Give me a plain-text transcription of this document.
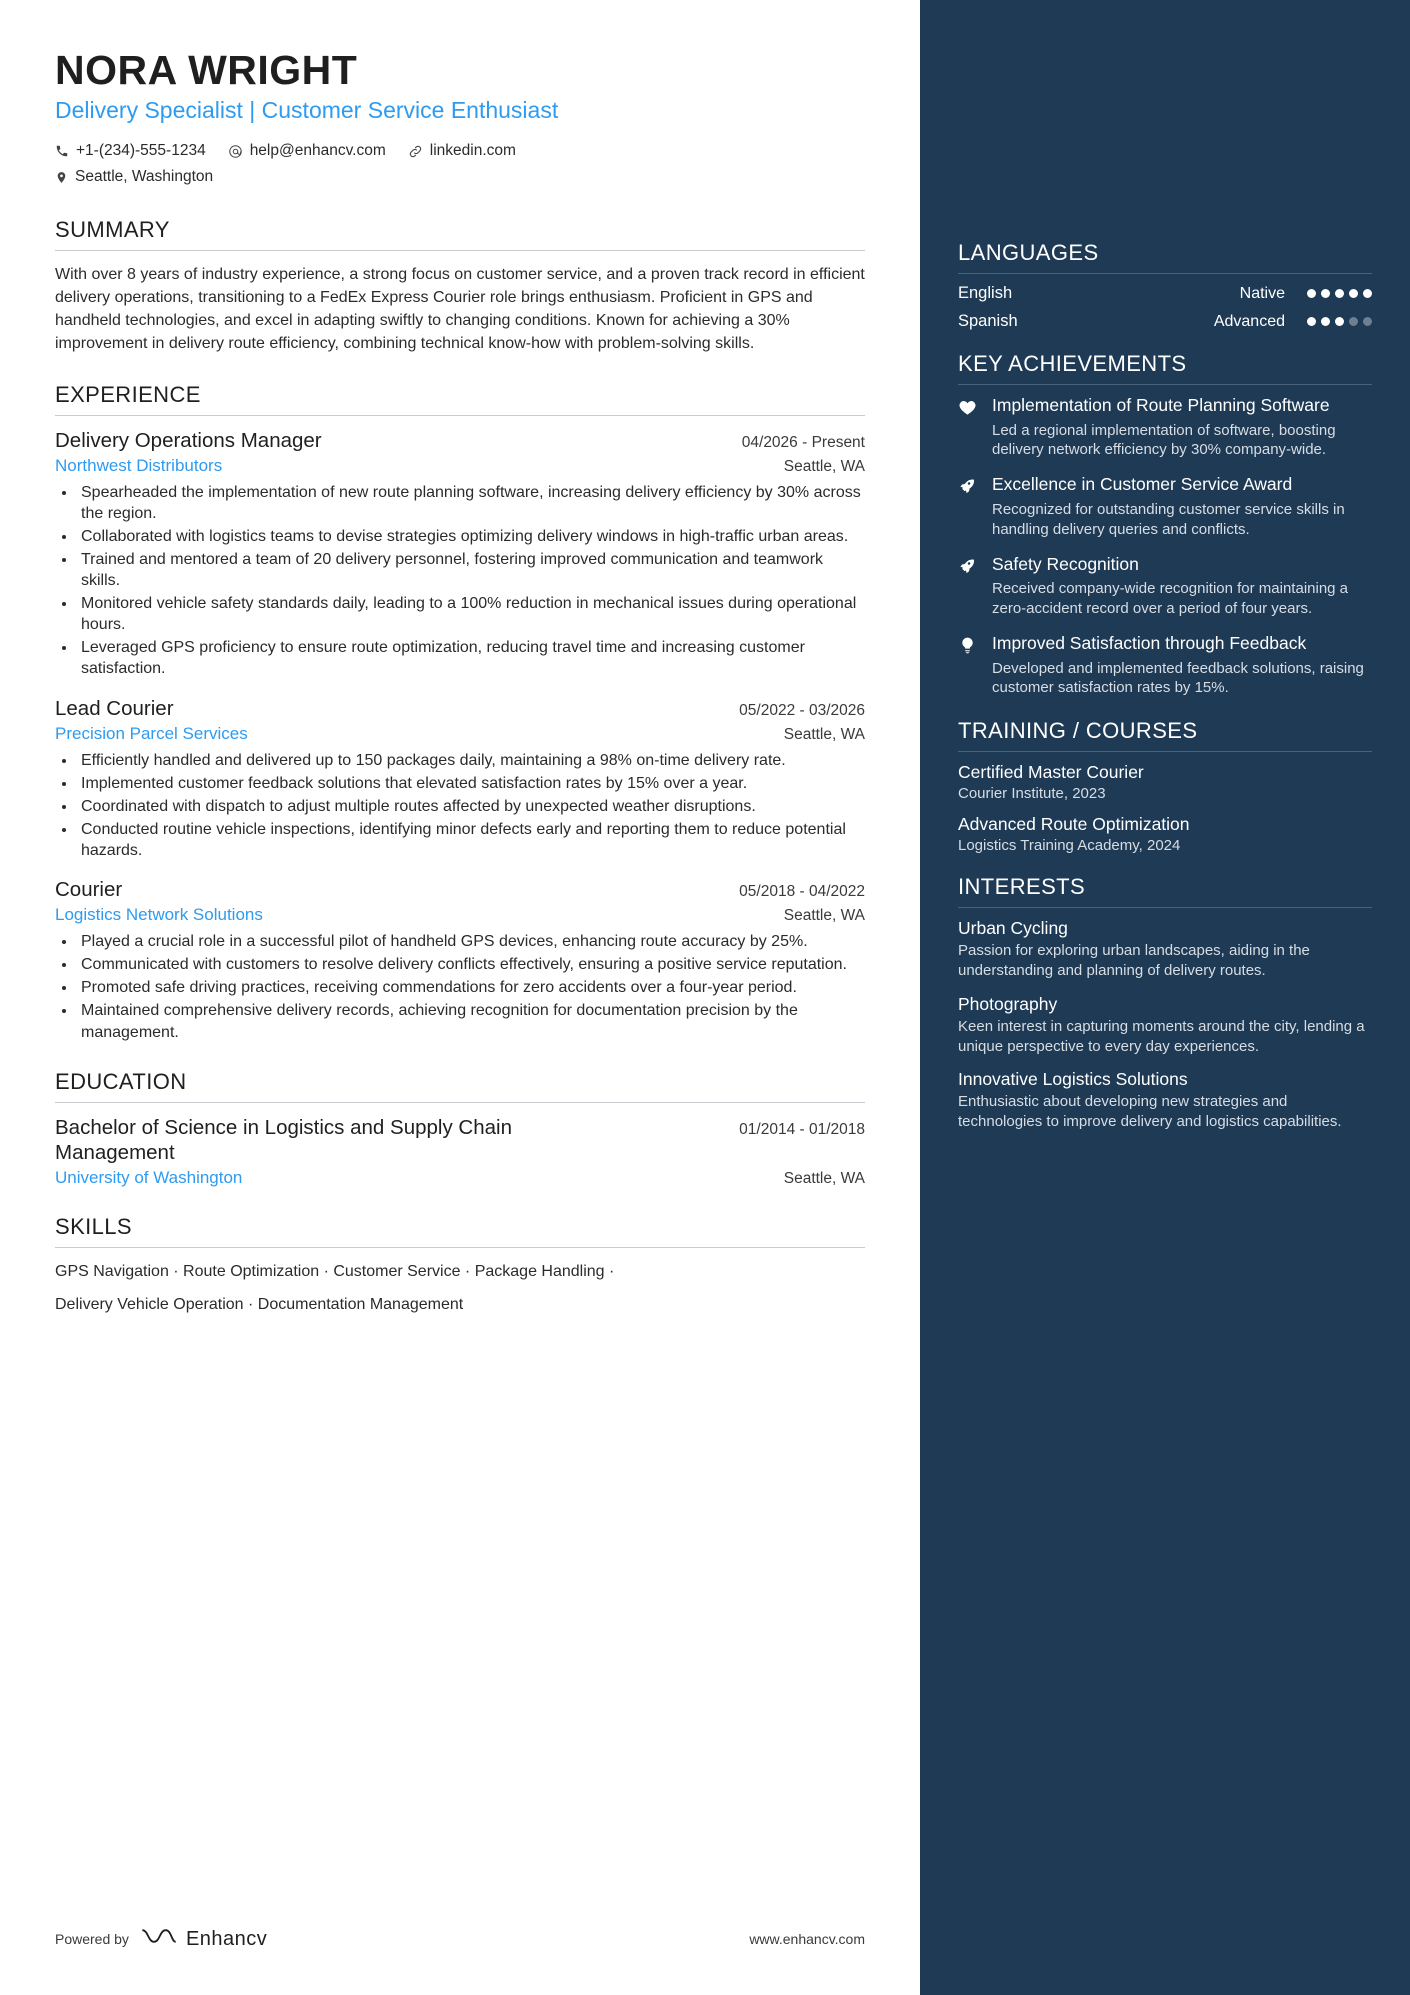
NORA WRIGHT
Delivery Specialist | Customer Service Enthusiast
+1-(234)-555-1234	help@enhancv.com	linkedin.com
Seattle, Washington
SUMMARY

With over 8 years of industry experience, a strong focus on customer service, and a proven track record in efficient delivery operations, transitioning to a FedEx Express Courier role brings enthusiasm. Proficient in GPS and handheld technologies, and excel in adapting swiftly to changing conditions. Known for achieving a 30% improvement in delivery route efficiency, combining technical know-how with problem-solving skills.

EXPERIENCE
Delivery Operations Manager	04/2026 - Present
Northwest Distributors	Seattle, WA
• Spearheaded the implementation of new route planning software, increasing delivery efficiency by 30% across the region.
• Collaborated with logistics teams to devise strategies optimizing delivery windows in high-traffic urban areas.
• Trained and mentored a team of 20 delivery personnel, fostering improved communication and teamwork skills.
• Monitored vehicle safety standards daily, leading to a 100% reduction in mechanical issues during operational hours.
• Leveraged GPS proficiency to ensure route optimization, reducing travel time and increasing customer satisfaction.
Lead Courier	05/2022 - 03/2026
Precision Parcel Services	Seattle, WA
• Efficiently handled and delivered up to 150 packages daily, maintaining a 98% on-time delivery rate.
• Implemented customer feedback solutions that elevated satisfaction rates by 15% over a year.
• Coordinated with dispatch to adjust multiple routes affected by unexpected weather disruptions.
• Conducted routine vehicle inspections, identifying minor defects early and reporting them to reduce potential hazards.
Courier	05/2018 - 04/2022
Logistics Network Solutions	Seattle, WA
• Played a crucial role in a successful pilot of handheld GPS devices, enhancing route accuracy by 25%.
• Communicated with customers to resolve delivery conflicts effectively, ensuring a positive service reputation.
• Promoted safe driving practices, receiving commendations for zero accidents over a four-year period.
• Maintained comprehensive delivery records, achieving recognition for documentation precision by the management.
EDUCATION
Bachelor of Science in Logistics and Supply Chain Management
01/2014 - 01/2018
University of Washington	Seattle, WA
SKILLS
GPS Navigation · Route Optimization · Customer Service · Package Handling ·
Delivery Vehicle Operation · Documentation Management
Powered by	Enhancv	www.enhancv.com
LANGUAGES
English	Native
Spanish	Advanced
KEY ACHIEVEMENTS
Implementation of Route Planning Software
Led a regional implementation of software, boosting delivery network efficiency by 30% company-wide.
Excellence in Customer Service Award
Recognized for outstanding customer service skills in handling delivery queries and conflicts.
Safety Recognition
Received company-wide recognition for maintaining a zero-accident record over a period of four years.
Improved Satisfaction through Feedback
Developed and implemented feedback solutions, raising customer satisfaction rates by 15%.
TRAINING / COURSES
Certified Master Courier
Courier Institute, 2023
Advanced Route Optimization
Logistics Training Academy, 2024
INTERESTS
Urban Cycling
Passion for exploring urban landscapes, aiding in the understanding and planning of delivery routes.
Photography
Keen interest in capturing moments around the city, lending a unique perspective to every day experiences.
Innovative Logistics Solutions
Enthusiastic about developing new strategies and technologies to improve delivery and logistics capabilities.
